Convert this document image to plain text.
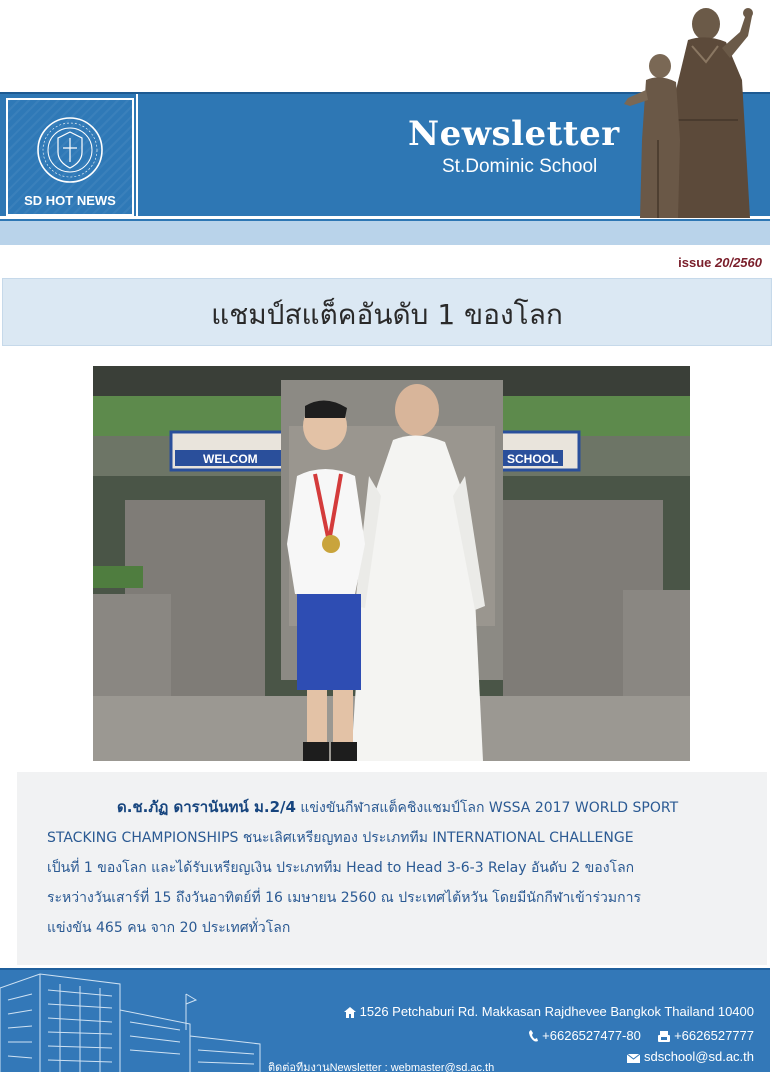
SD HOT NEWS
Newsletter
St.Dominic School
issue 20/2560
แชมป์สแต็คอันดับ 1 ของโลก
WELCOM	SCHOOL
ด.ช.ภัฏ ดารานันทน์ ม.2/4 แข่งขันกีฬาสแต็คชิงแชมป์โลก WSSA 2017 WORLD SPORT
STACKING CHAMPIONSHIPS ชนะเลิศเหรียญทอง ประเภททีม INTERNATIONAL CHALLENGE
เป็นที่ 1 ของโลก และได้รับเหรียญเงิน ประเภททีม Head to Head 3-6-3 Relay อันดับ 2 ของโลก
ระหว่างวันเสาร์ที่ 15 ถึงวันอาทิตย์ที่ 16 เมษายน 2560 ณ ประเทศไต้หวัน โดยมีนักกีฬาเข้าร่วมการ
แข่งขัน 465 คน จาก 20 ประเทศทั่วโลก
1526 Petchaburi Rd. Makkasan Rajdhevee Bangkok Thailand 10400
+6626527477-80	+6626527777
sdschool@sd.ac.th
ติดต่อทีมงานNewsletter : webmaster@sd.ac.th
